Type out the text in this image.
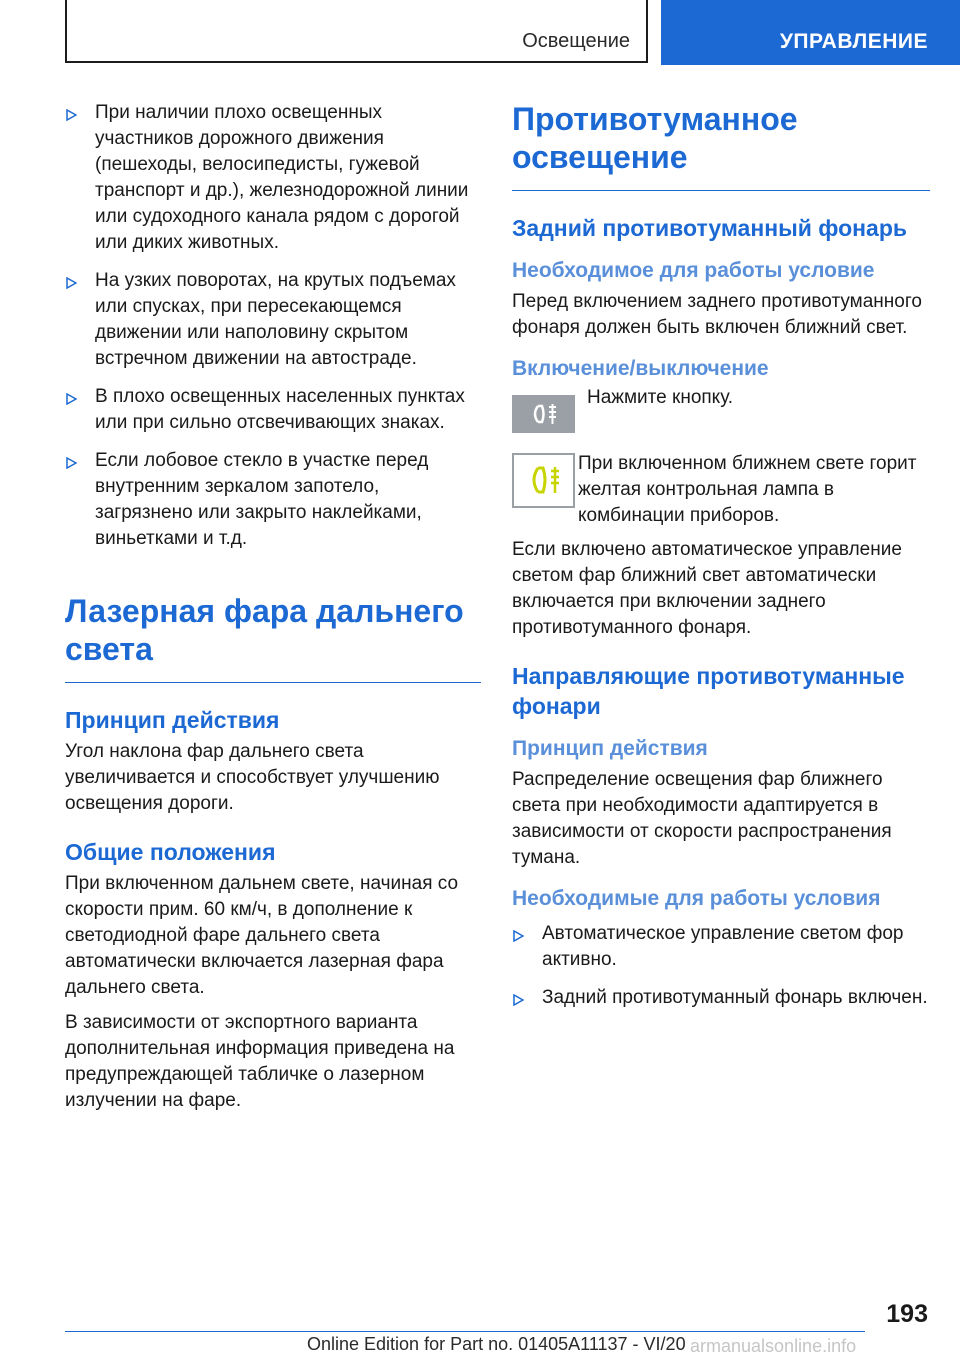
Освещение	УПРАВЛЕНИЕ
При наличии плохо освещенных участников дорожного движения (пешеходы, велосипедисты, гужевой транспорт и др.), железнодорожной линии или судоходного канала рядом с дорогой или диких животных.
На узких поворотах, на крутых подъемах или спусках, при пересекающемся движении или наполовину скрытом встречном движении на автостраде.
В плохо освещенных населенных пунктах или при сильно отсвечивающих знаках.
Если лобовое стекло в участке перед внутренним зеркалом запотело, загрязнено или закрыто наклейками, виньетками и т.д.
Лазерная фара дальнего света
Принцип действия

Угол наклона фар дальнего света увеличивается и способствует улучшению освещения дороги.

Общие положения

При включенном дальнем свете, начиная со скорости прим. 60 км/ч, в дополнение к светодиодной фаре дальнего света автоматически включается лазерная фара дальнего света.

В зависимости от экспортного варианта дополнительная информация приведена на предупреждающей табличке о лазерном излучении на фаре.

Противотуманное освещение
Задний противотуманный фонарь
Необходимое для работы условие

Перед включением заднего противотуманного фонаря должен быть включен ближний свет.

Включение/выключение

Нажмите кнопку.

При включенном ближнем свете горит желтая контрольная лампа в комбинации приборов.

Если включено автоматическое управление светом фар ближний свет автоматически включается при включении заднего противотуманного фонаря.

Направляющие противотуманные фонари
Принцип действия

Распределение освещения фар ближнего света при необходимости адаптируется в зависимости от скорости распространения тумана.

Необходимые для работы условия
Автоматическое управление светом фор активно.
Задний противотуманный фонарь включен.
193
Online Edition for Part no. 01405A11137 - VI/20 armanualsonline.info
